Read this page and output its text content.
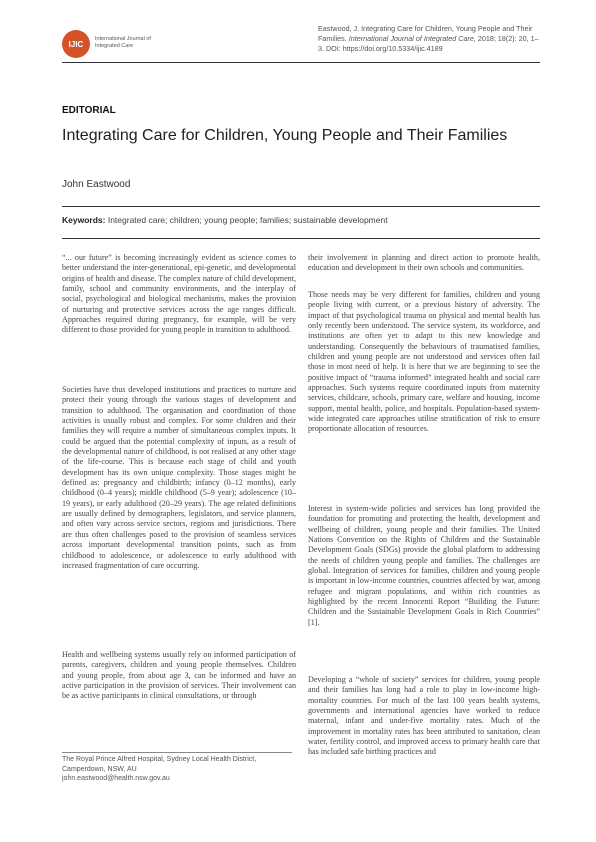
IJIC
International Journal of Integrated Care
Eastwood, J. Integrating Care for Children, Young People and Their Families. International Journal of Integrated Care, 2018; 18(2): 20, 1–3. DOI: https://doi.org/10.5334/ijic.4189
EDITORIAL
Integrating Care for Children, Young People and Their Families
John Eastwood
Keywords: Integrated care; children; young people; families; sustainable development

“... our future” is becoming increasingly evident as science comes to better understand the inter-generational, epi-genetic, and developmental origins of health and disease. The complex nature of child development, family, school and community environments, and the interplay of social, psychological and biological mechanisms, makes the provision of nurturing and protective services across the age ranges difficult. Approaches required during pregnancy, for example, will be very different to those provided for young people in transition to adulthood.

Societies have thus developed institutions and practices to nurture and protect their young through the various stages of development and transition to adulthood. The organisation and coordination of those activities is usually robust and complex. For some children and their families they will require a number of simultaneous complex inputs. It could be argued that the potential complexity of inputs, as a result of the developmental nature of childhood, is not realised at any other stage of the life-course. This is because each stage of child and youth development has its own unique complexity. Those stages might be defined as: pregnancy and childbirth; infancy (0–12 months), early childhood (0–4 years); middle childhood (5–9 year); adolescence (10–19 years), or early adulthood (20–29 years). The age related definitions are usually defined by demographers, legislators, and service planners, and often vary across service sectors, regions and jurisdictions. There are thus often challenges posed to the provision of seamless services across important developmental transition points, such as from childhood to adolescence, or adolescence to early adulthood with increased fragmentation of care occurring.

Health and wellbeing systems usually rely on informed participation of parents, caregivers, children and young people themselves. Children and young people, from about age 3, can be informed and have an active participation in the provision of services. Their involvement can be as active participants in clinical consultations, or through

The Royal Prince Alfred Hospital, Sydney Local Health District, Camperdown, NSW, AU
john.eastwood@health.nsw.gov.au

their involvement in planning and direct action to promote health, education and development in their own schools and communities.

Those needs may be very different for families, children and young people living with current, or a previous history of adversity. The impact of that psychological trauma on physical and mental health has only recently been understood. The service system, its workforce, and institutions are often yet to adapt to this new knowledge and understanding. Consequently the behaviours of traumatised families, children and young people are not understood and services often fail those in most need of help. It is here that we are beginning to see the positive impact of “trauma informed” integrated health and social care approaches. Such systems require coordinated inputs from maternity services, childcare, schools, primary care, welfare and housing, income support, mental health, police, and hospitals. Population-based system-wide integrated care approaches utilise stratification of risk to ensure proportionate allocation of resources.

Interest in system-wide policies and services has long provided the foundation for promoting and protecting the health, development and wellbeing of children, young people and their families. The United Nations Convention on the Rights of Children and the Sustainable Development Goals (SDGs) provide the global platform to addressing the needs of children young people and families. The challenges are global. Integration of services for families, children and young people is important in low-income countries, countries affected by war, among refugee and migrant populations, and within rich countries as highlighted by the recent Innocenti Report “Building the Future: Children and the Sustainable Development Goals in Rich Countries” [1].

Developing a “whole of society” services for children, young people and their families has long had a role to play in low-income high-mortality countries. For much of the last 100 years health systems, governments and international agencies have worked to reduce maternal, infant and under-five mortality rates. Much of the improvement in mortality rates has been attributed to sanitation, clean water, fertility control, and improved access to primary health care that has included safe birthing practices and
